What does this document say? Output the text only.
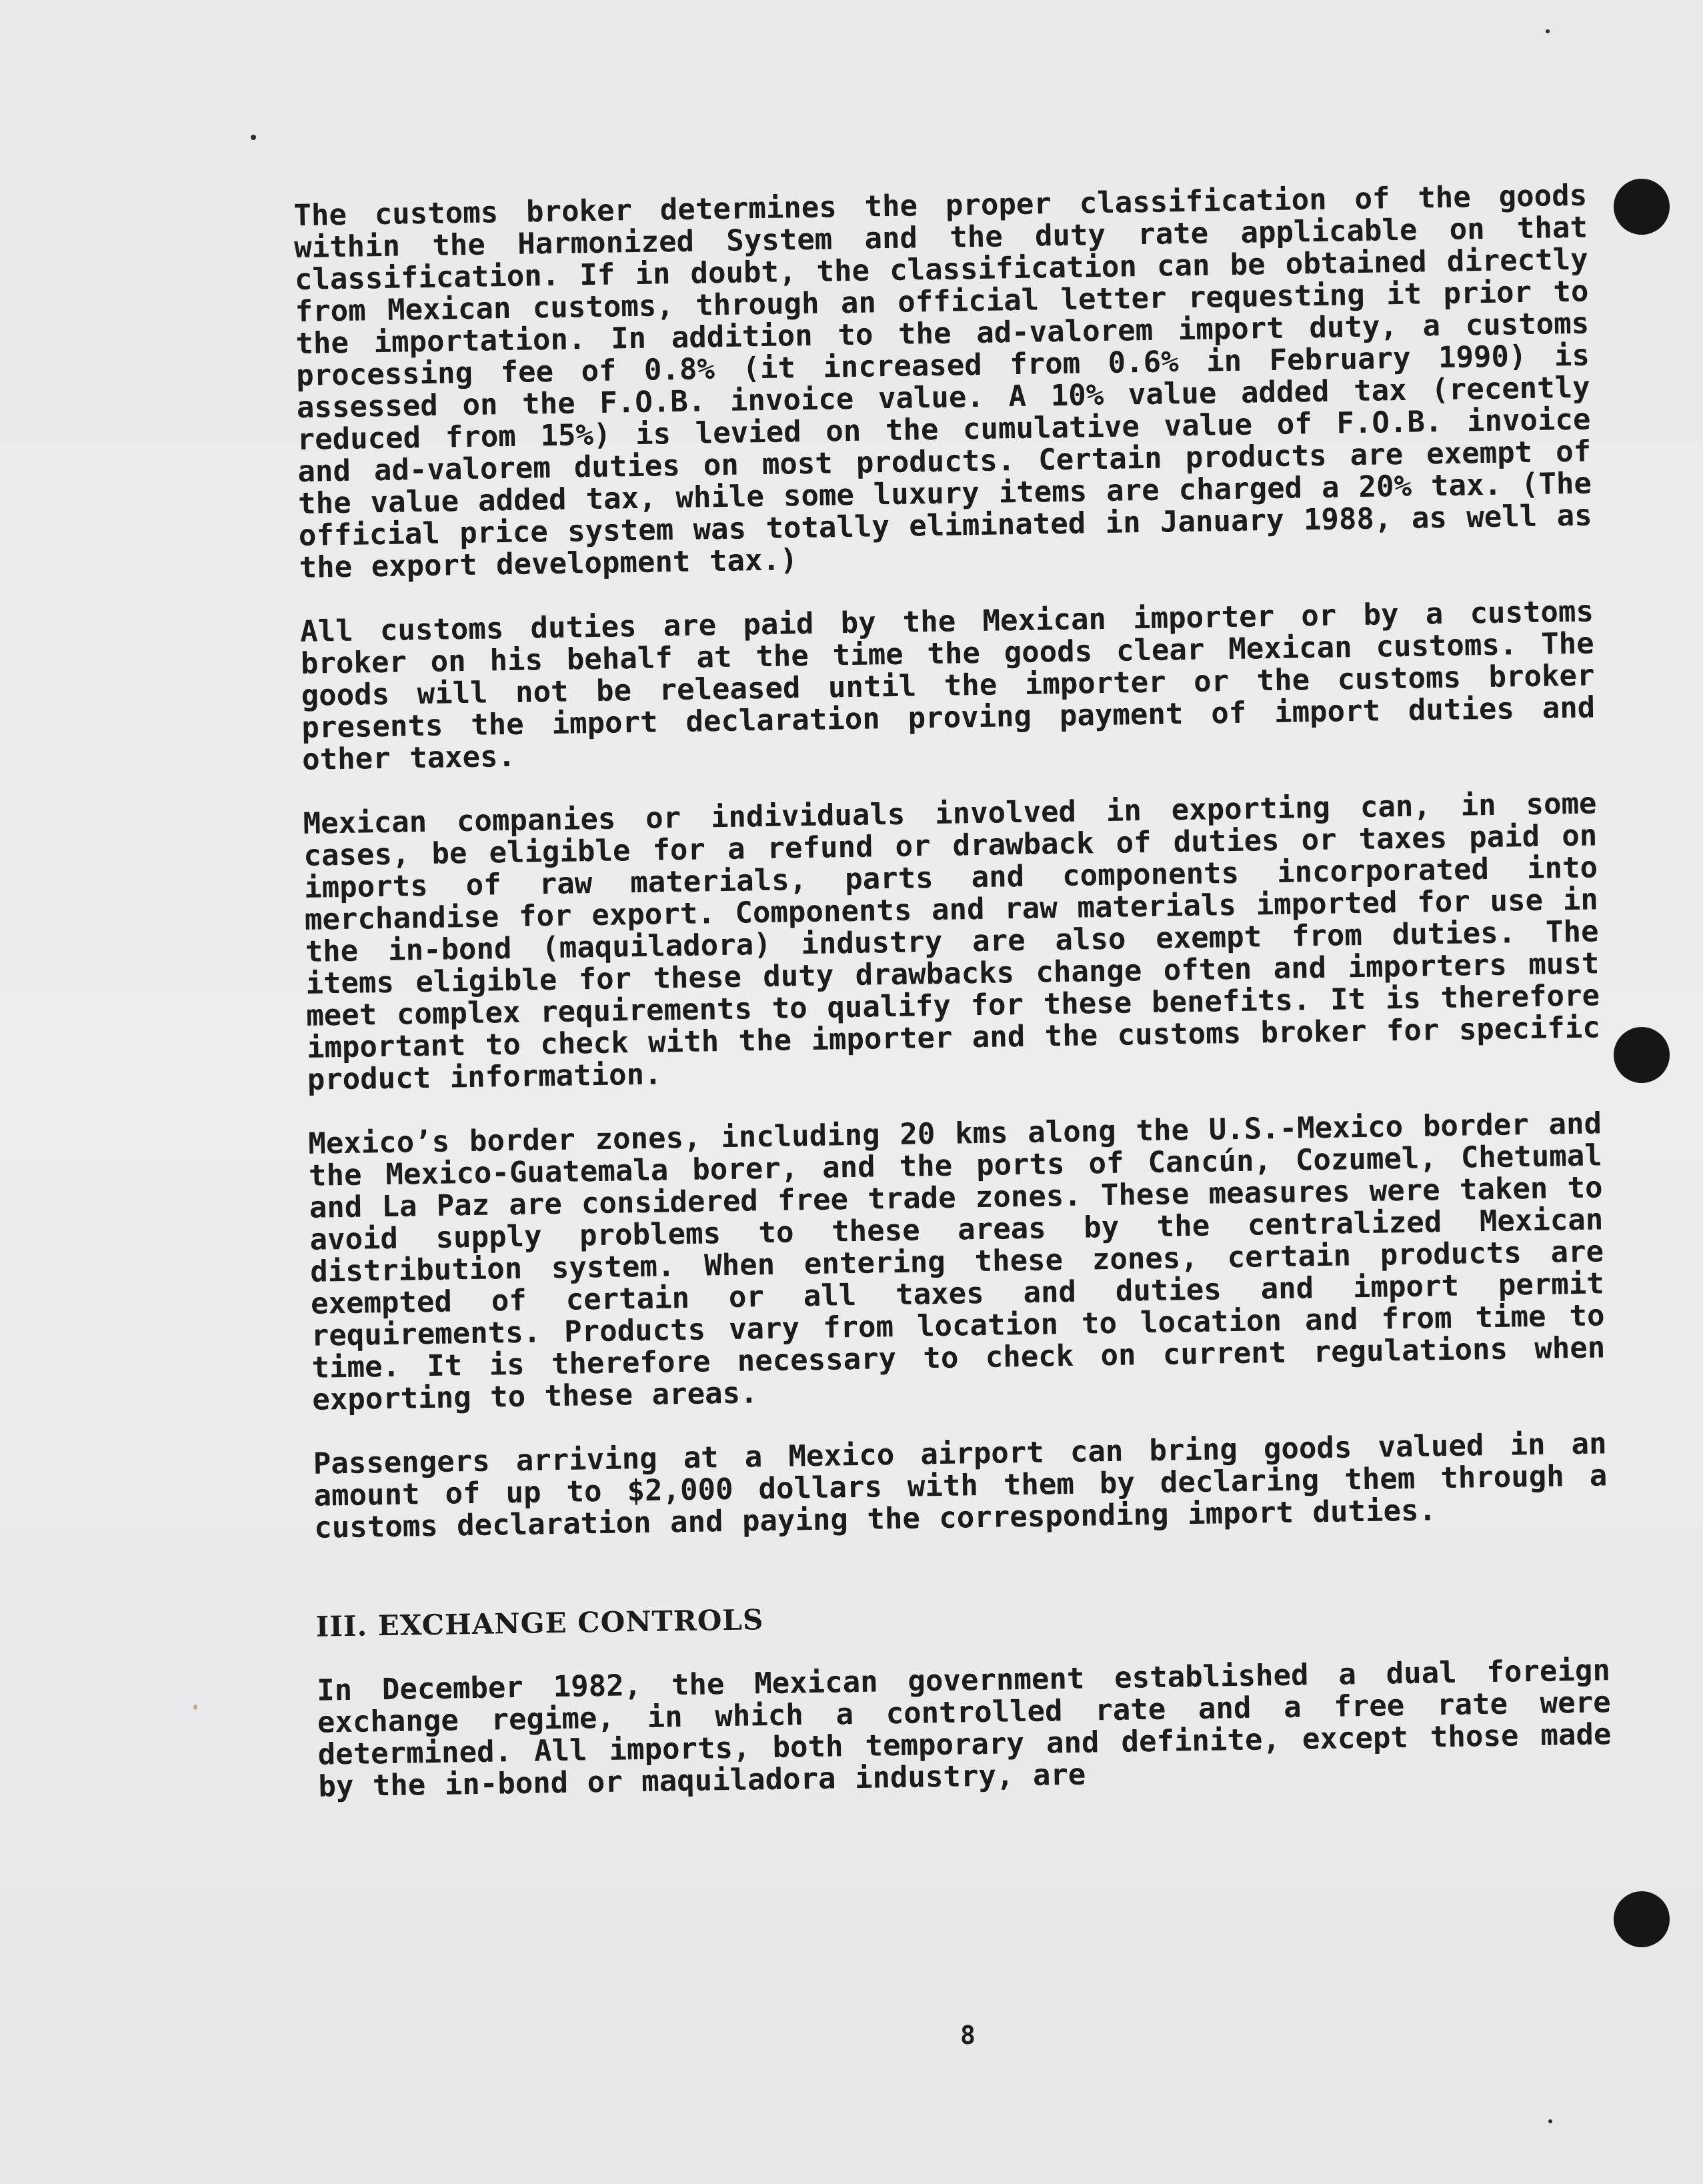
The customs broker determines the proper classification of the goods within the Harmonized System and the duty rate applicable on that classification. If in doubt, the classification can be obtained directly from Mexican customs, through an official letter requesting it prior to the importation. In addition to the ad-valorem import duty, a customs processing fee of 0.8% (it increased from 0.6% in February 1990) is assessed on the F.O.B. invoice value. A 10% value added tax (recently reduced from 15%) is levied on the cumulative value of F.O.B. invoice and ad-valorem duties on most products. Certain products are exempt of the value added tax, while some luxury items are charged a 20% tax. (The official price system was totally eliminated in January 1988, as well as the export development tax.)

All customs duties are paid by the Mexican importer or by a customs broker on his behalf at the time the goods clear Mexican customs. The goods will not be released until the importer or the customs broker presents the import declaration proving payment of import duties and other taxes.

Mexican companies or individuals involved in exporting can, in some cases, be eligible for a refund or drawback of duties or taxes paid on imports of raw materials, parts and components incorporated into merchandise for export. Components and raw materials imported for use in the in-bond (maquiladora) industry are also exempt from duties. The items eligible for these duty drawbacks change often and importers must meet complex requirements to qualify for these benefits. It is therefore important to check with the importer and the customs broker for specific product information.

Mexico’s border zones, including 20 kms along the U.S.-Mexico border and the Mexico-Guatemala borer, and the ports of Cancún, Cozumel, Chetumal and La Paz are considered free trade zones. These measures were taken to avoid supply problems to these areas by the centralized Mexican distribution system. When entering these zones, certain products are exempted of certain or all taxes and duties and import permit requirements. Products vary from location to location and from time to time. It is therefore necessary to check on current regulations when exporting to these areas.

Passengers arriving at a Mexico airport can bring goods valued in an amount of up to $2,000 dollars with them by declaring them through a customs declaration and paying the corresponding import duties.

III. EXCHANGE CONTROLS

In December 1982, the Mexican government established a dual foreign exchange regime, in which a controlled rate and a free rate were determined. All imports, both temporary and definite, except those made by the in-bond or maquiladora industry, are

8
